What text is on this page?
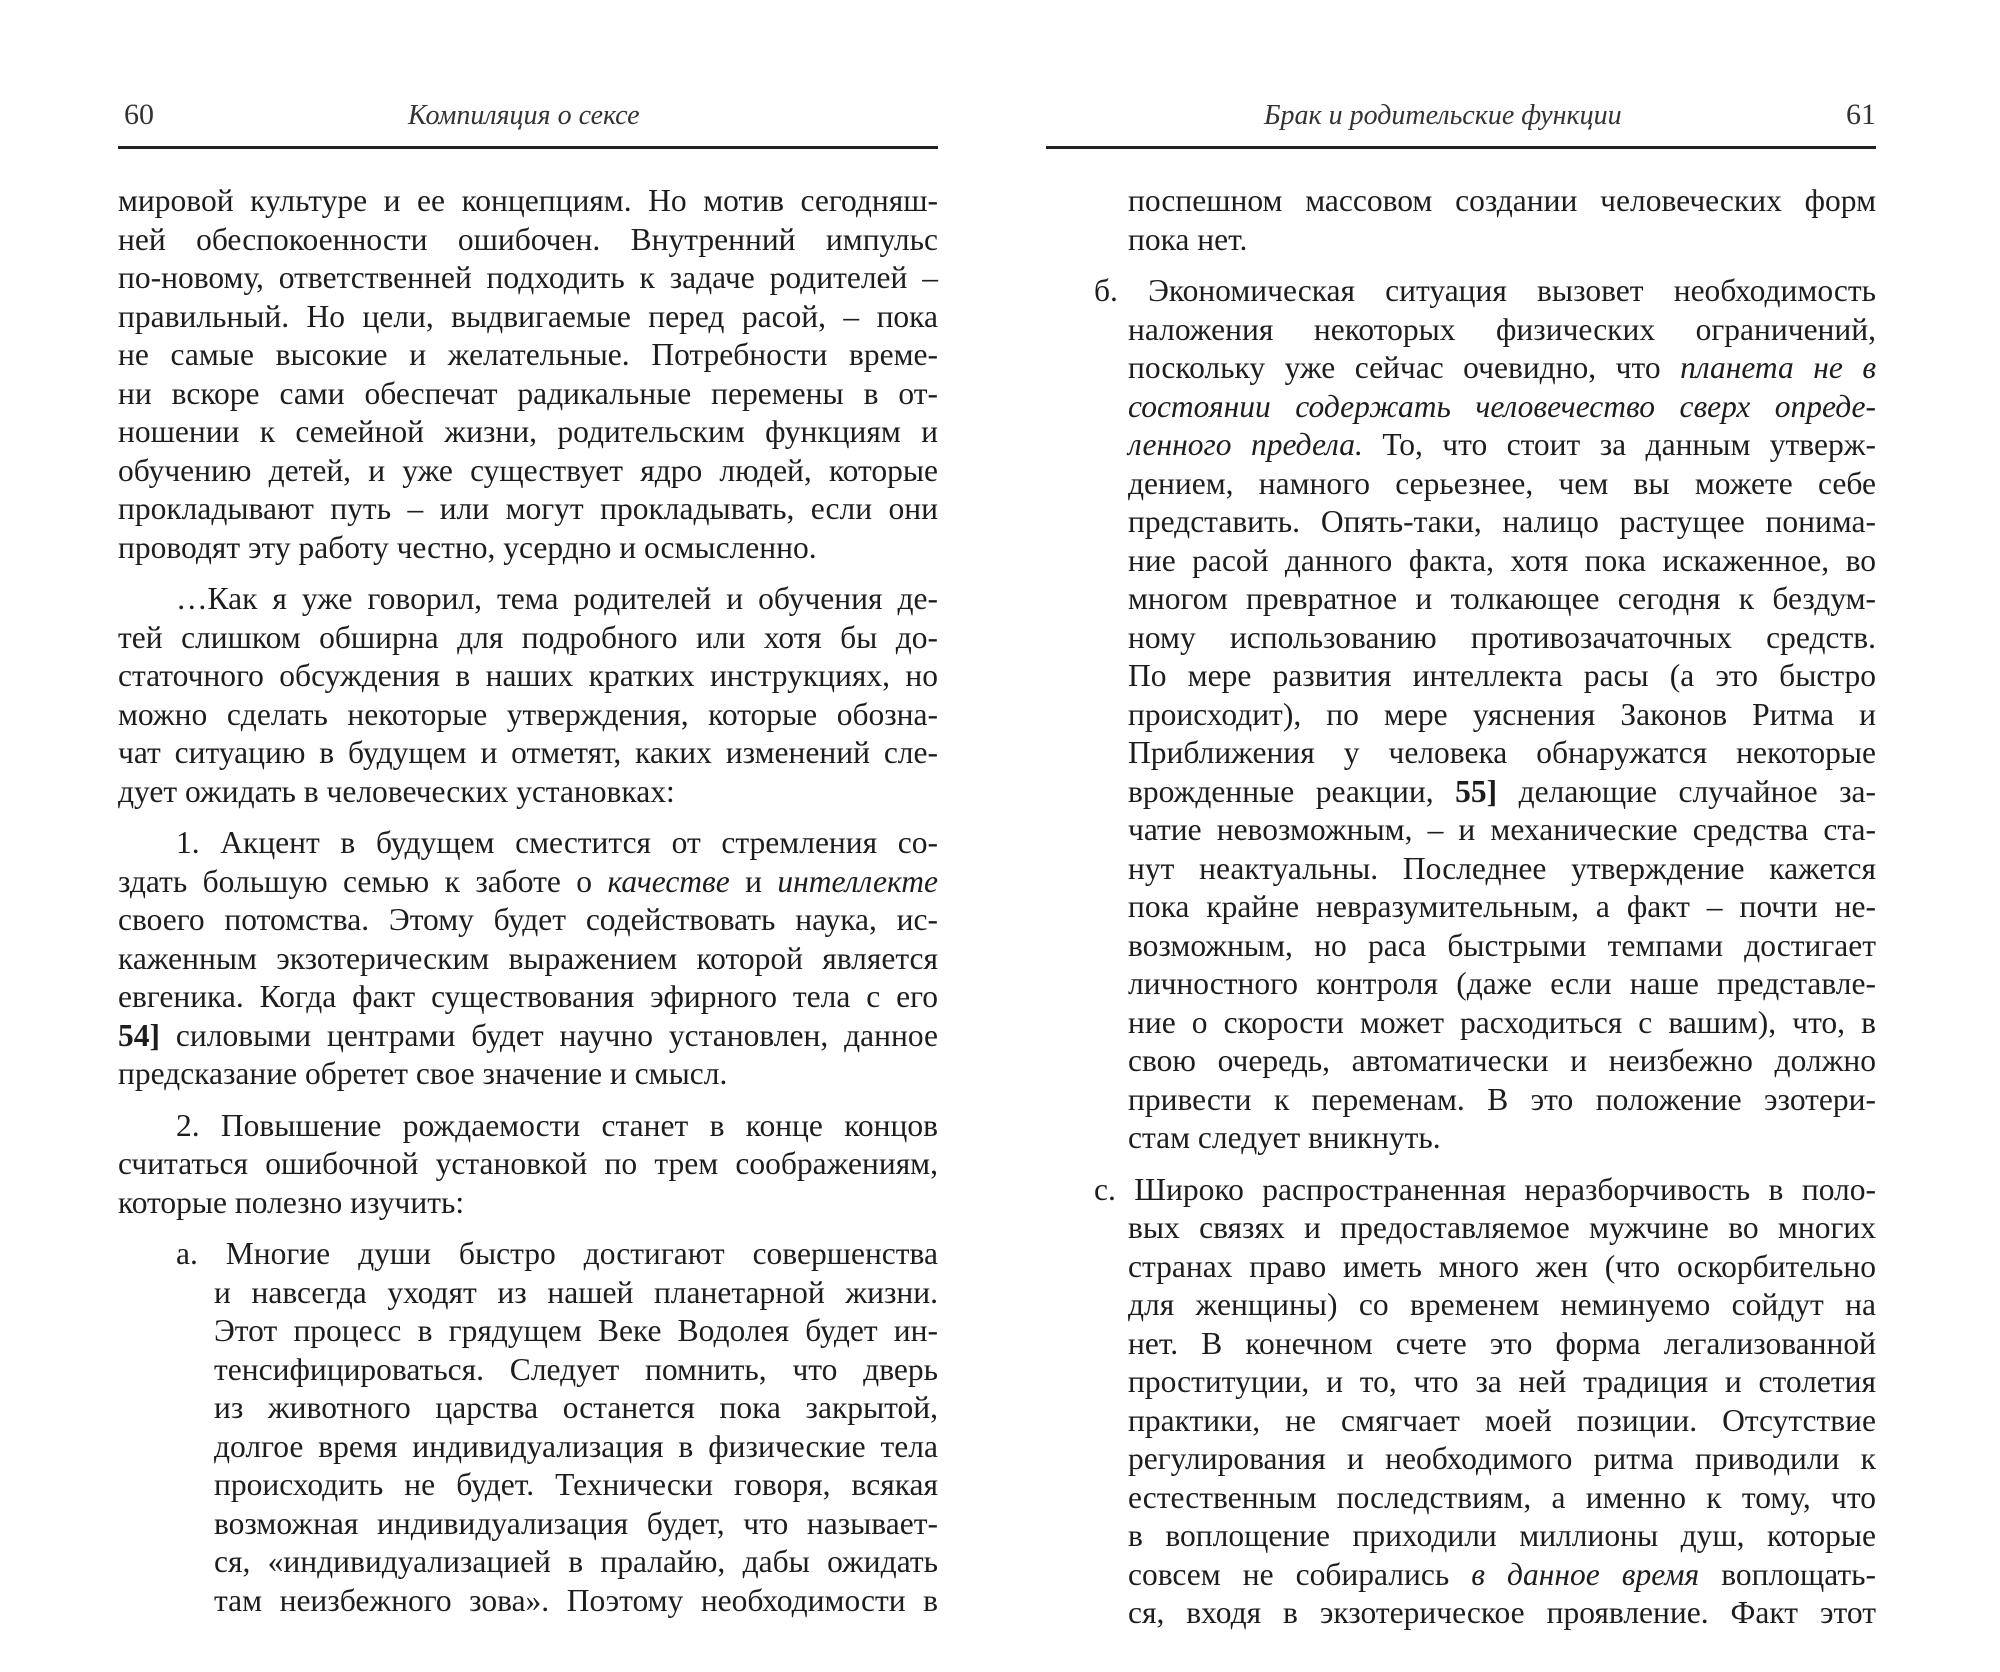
60	Компиляция о сексе
мировой культуре и ее концепциям. Но мотив сегодняш-
ней обеспокоенности ошибочен. Внутренний импульс
по-новому, ответственней подходить к задаче родителей –
правильный. Но цели, выдвигаемые перед расой, – пока
не самые высокие и желательные. Потребности време-
ни вскоре сами обеспечат радикальные перемены в от-
ношении к семейной жизни, родительским функциям и
обучению детей, и уже существует ядро людей, которые
прокладывают путь – или могут прокладывать, если они
проводят эту работу честно, усердно и осмысленно.
…Как я уже говорил, тема родителей и обучения де-
тей слишком обширна для подробного или хотя бы до-
статочного обсуждения в наших кратких инструкциях, но
можно сделать некоторые утверждения, которые обозна-
чат ситуацию в будущем и отметят, каких изменений сле-
дует ожидать в человеческих установках:
1. Акцент в будущем сместится от стремления со-
здать большую семью к заботе о качестве и интеллекте
своего потомства. Этому будет содействовать наука, ис-
каженным экзотерическим выражением которой является
евгеника. Когда факт существования эфирного тела с его
54] силовыми центрами будет научно установлен, данное
предсказание обретет свое значение и смысл.
2. Повышение рождаемости станет в конце концов
считаться ошибочной установкой по трем соображениям,
которые полезно изучить:
а. Многие души быстро достигают совершенства
и навсегда уходят из нашей планетарной жизни.
Этот процесс в грядущем Веке Водолея будет ин-
тенсифицироваться. Следует помнить, что дверь
из животного царства останется пока закрытой,
долгое время индивидуализация в физические тела
происходить не будет. Технически говоря, всякая
возможная индивидуализация будет, что называет-
ся, «индивидуализацией в пралайю, дабы ожидать
там неизбежного зова». Поэтому необходимости в
Брак и родительские функции	61
поспешном массовом создании человеческих форм
пока нет.
б. Экономическая ситуация вызовет необходимость
наложения некоторых физических ограничений,
поскольку уже сейчас очевидно, что планета не в
состоянии содержать человечество сверх опреде-
ленного предела. То, что стоит за данным утверж-
дением, намного серьезнее, чем вы можете себе
представить. Опять-таки, налицо растущее понима-
ние расой данного факта, хотя пока искаженное, во
многом превратное и толкающее сегодня к бездум-
ному использованию противозачаточных средств.
По мере развития интеллекта расы (а это быстро
происходит), по мере уяснения Законов Ритма и
Приближения у человека обнаружатся некоторые
врожденные реакции, 55] делающие случайное за-
чатие невозможным, – и механические средства ста-
нут неактуальны. Последнее утверждение кажется
пока крайне невразумительным, а факт – почти не-
возможным, но раса быстрыми темпами достигает
личностного контроля (даже если наше представле-
ние о скорости может расходиться с вашим), что, в
свою очередь, автоматически и неизбежно должно
привести к переменам. В это положение эзотери-
стам следует вникнуть.
с. Широко распространенная неразборчивость в поло-
вых связях и предоставляемое мужчине во многих
странах право иметь много жен (что оскорбительно
для женщины) со временем неминуемо сойдут на
нет. В конечном счете это форма легализованной
проституции, и то, что за ней традиция и столетия
практики, не смягчает моей позиции. Отсутствие
регулирования и необходимого ритма приводили к
естественным последствиям, а именно к тому, что
в воплощение приходили миллионы душ, которые
совсем не собирались в данное время воплощать-
ся, входя в экзотерическое проявление. Факт этот
